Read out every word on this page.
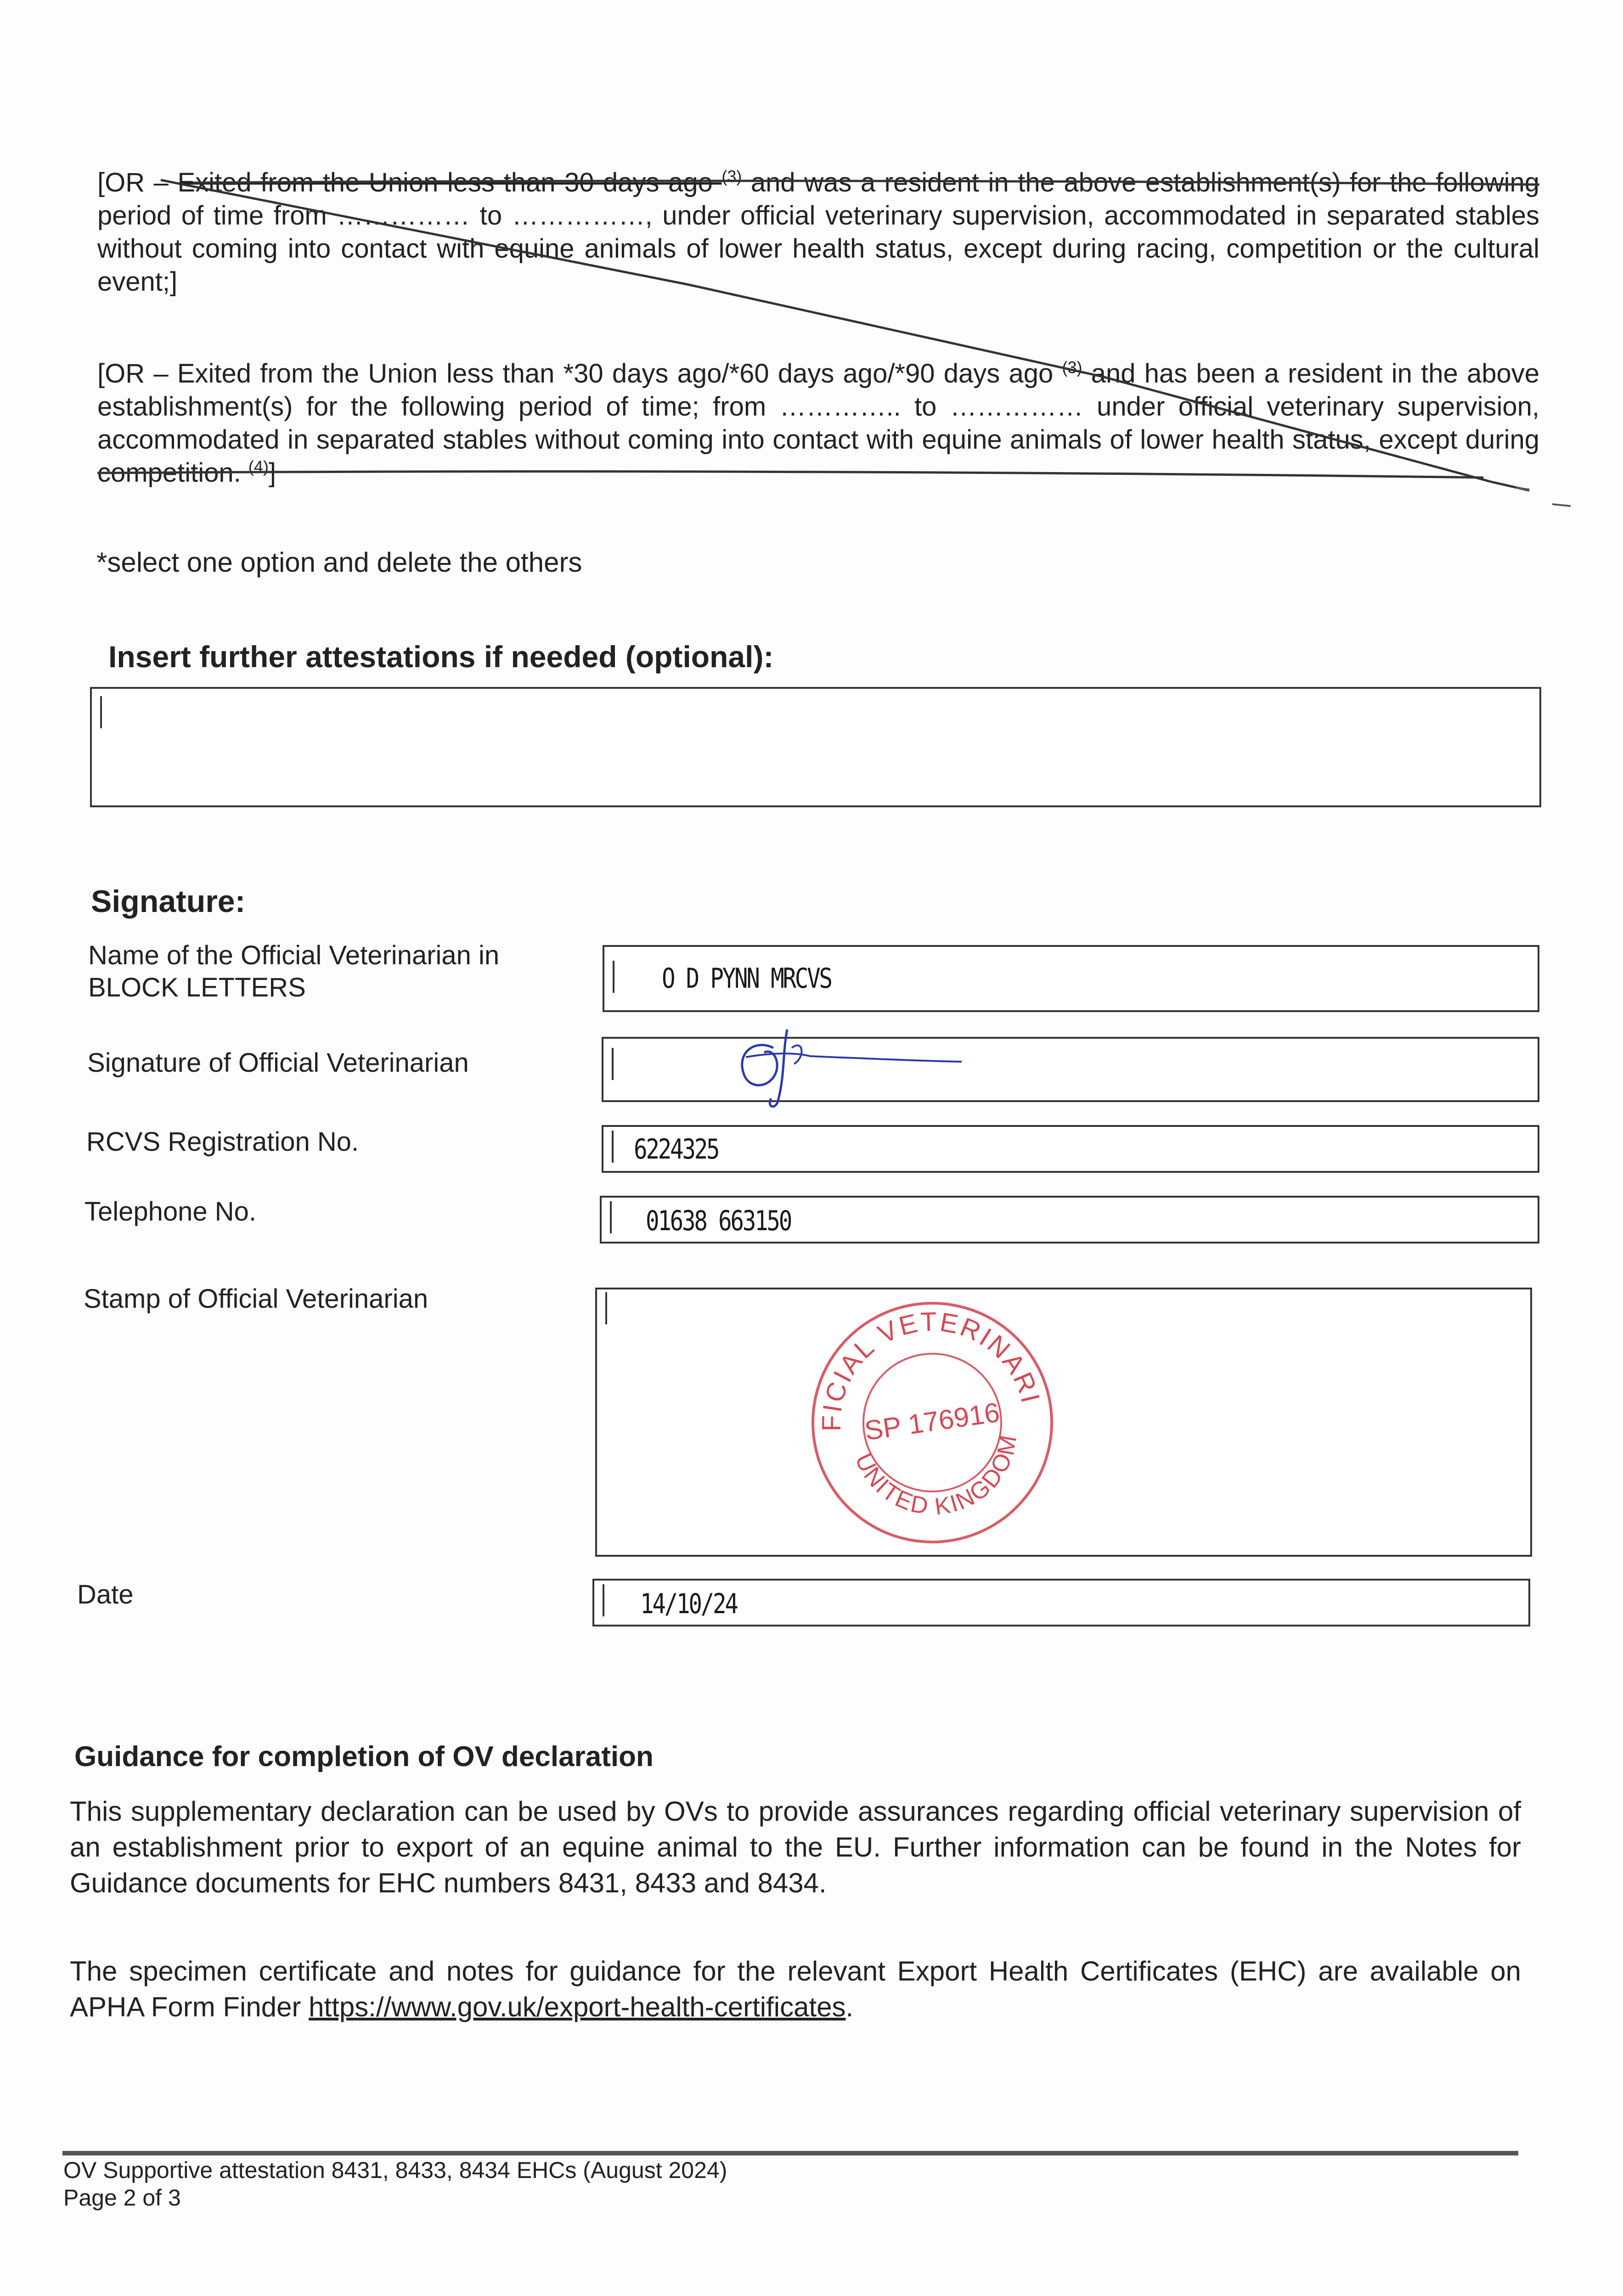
[OR – Exited from the Union less than 30 days ago $^{(3)}$ and was a resident in the above establishment(s) for the following period of time from …………… to ……………, under official veterinary supervision, accommodated in separated stables without coming into contact with equine animals of lower health status, except during racing, competition or the cultural event;]

[OR – Exited from the Union less than *30 days ago/*60 days ago/*90 days ago $^{(3)}$ and has been a resident in the above establishment(s) for the following period of time; from ………….. to …………… under official veterinary supervision, accommodated in separated stables without coming into contact with equine animals of lower health status, except during competition. $^{(4)}$]

*select one option and delete the others
Insert further attestations if needed (optional):
Signature:
Name of the Official Veterinarian in BLOCK LETTERS	O D PYNN MRCVS
Signature of Official Veterinarian
RCVS Registration No.	6224325
Telephone No.	01638 663150
Stamp of Official Veterinarian	OFFICIAL VETERINARIAN
UNITED KINGDOM
SP 176916
Date	14/10/24
Guidance for completion of OV declaration

This supplementary declaration can be used by OVs to provide assurances regarding official veterinary supervision of an establishment prior to export of an equine animal to the EU. Further information can be found in the Notes for Guidance documents for EHC numbers 8431, 8433 and 8434.

The specimen certificate and notes for guidance for the relevant Export Health Certificates (EHC) are available on APHA Form Finder https://www.gov.uk/export-health-certificates.

OV Supportive attestation 8431, 8433, 8434 EHCs (August 2024)
Page 2 of 3
